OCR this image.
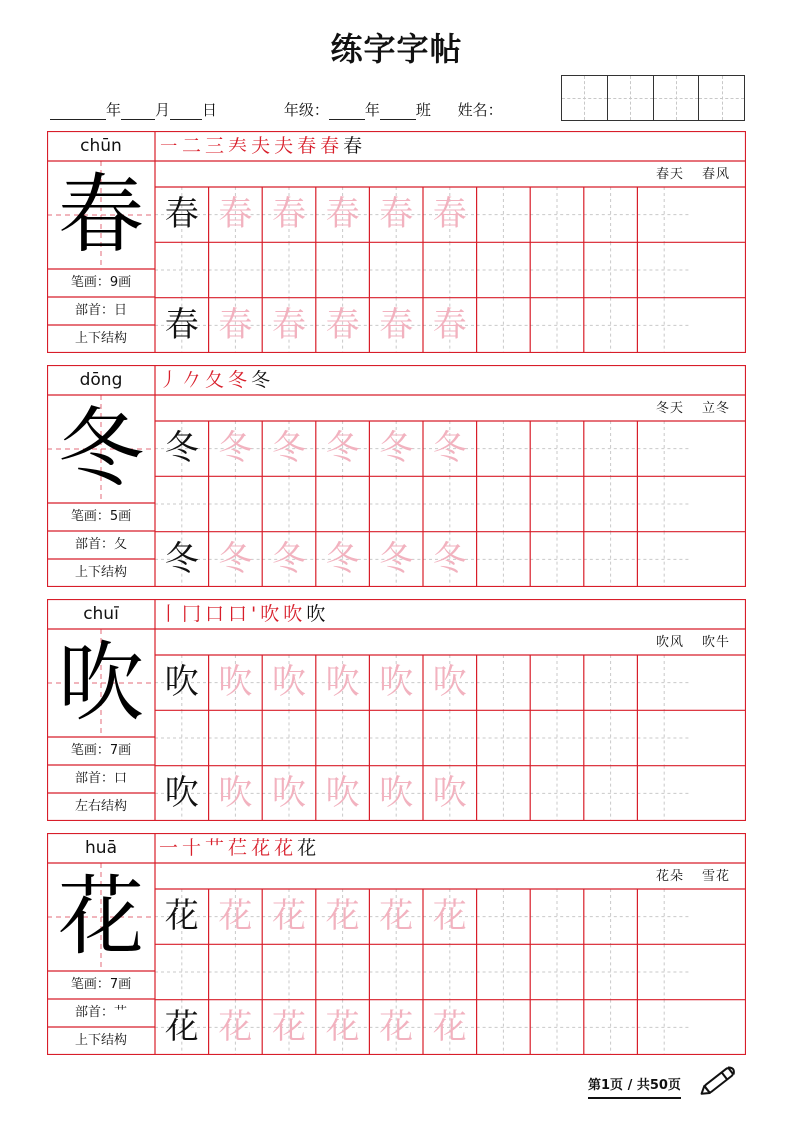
练字字帖
年 月 日	年级： 年 班 姓名：
chūn
春
笔画：9画
部首：日
上下结构
㇐二三𡗗夫夫春春春
春天 春风
春 春 春 春 春 春
春 春 春 春 春 春
dōng
冬
笔画：5画
部首：夂
上下结构
丿𠂊夂冬冬
冬天 立冬
冬 冬 冬 冬 冬 冬
冬 冬 冬 冬 冬 冬
chuī
吹
笔画：7画
部首：口
左右结构
丨冂口口'吹吹吹
吹风 吹牛
吹 吹 吹 吹 吹 吹
吹 吹 吹 吹 吹 吹
huā
花
笔画：7画
部首：艹
上下结构
一十艹芢花花花
花朵 雪花
花 花 花 花 花 花
花 花 花 花 花 花
第1页 / 共50页
